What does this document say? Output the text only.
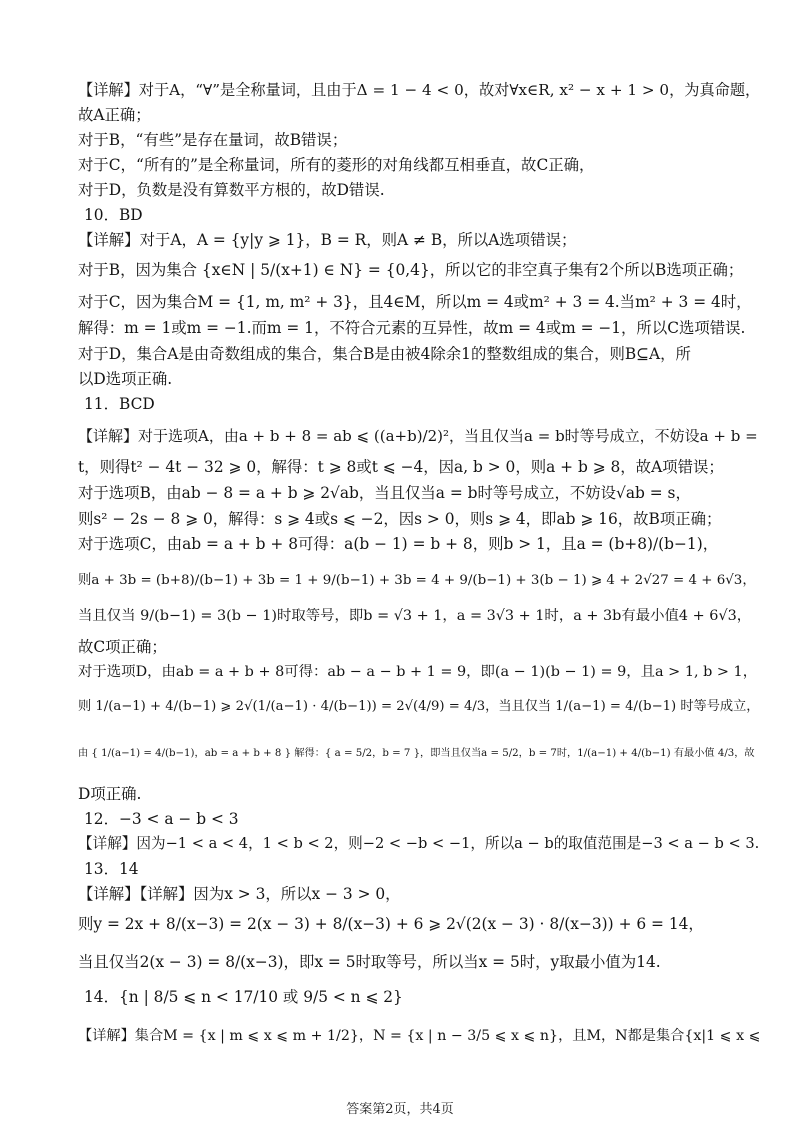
【详解】对于A，“∀”是全称量词，且由于Δ = 1 − 4 < 0，故对∀x∈R, x² − x + 1 > 0，为真命题，
故A正确；
对于B，“有些”是存在量词，故B错误；
对于C，“所有的”是全称量词，所有的菱形的对角线都互相垂直，故C正确，
对于D，负数是没有算数平方根的，故D错误.
10．BD
【详解】对于A，A = {y|y ⩾ 1}，B = R，则A ≠ B，所以A选项错误；
对于B，因为集合 {x∈N | 5/(x+1) ∈ N} = {0,4}，所以它的非空真子集有2个所以B选项正确；
对于C，因为集合M = {1, m, m² + 3}，且4∈M，所以m = 4或m² + 3 = 4.当m² + 3 = 4时，
解得：m = 1或m = −1.而m = 1，不符合元素的互异性，故m = 4或m = −1，所以C选项错误.
对于D，集合A是由奇数组成的集合，集合B是由被4除余1的整数组成的集合，则B⊆A，所
以D选项正确.
11．BCD
【详解】对于选项A，由a + b + 8 = ab ⩽ ((a+b)/2)²，当且仅当a = b时等号成立，不妨设a + b =
t，则得t² − 4t − 32 ⩾ 0，解得：t ⩾ 8或t ⩽ −4，因a, b > 0，则a + b ⩾ 8，故A项错误；
对于选项B，由ab − 8 = a + b ⩾ 2√ab，当且仅当a = b时等号成立，不妨设√ab = s，
则s² − 2s − 8 ⩾ 0，解得：s ⩾ 4或s ⩽ −2，因s > 0，则s ⩾ 4，即ab ⩾ 16，故B项正确；
对于选项C，由ab = a + b + 8可得：a(b − 1) = b + 8，则b > 1，且a = (b+8)/(b−1)，
则a + 3b = (b+8)/(b−1) + 3b = 1 + 9/(b−1) + 3b = 4 + 9/(b−1) + 3(b − 1) ⩾ 4 + 2√27 = 4 + 6√3，
当且仅当 9/(b−1) = 3(b − 1)时取等号，即b = √3 + 1，a = 3√3 + 1时，a + 3b有最小值4 + 6√3，
故C项正确；
对于选项D，由ab = a + b + 8可得：ab − a − b + 1 = 9，即(a − 1)(b − 1) = 9，且a > 1, b > 1，
则 1/(a−1) + 4/(b−1) ⩾ 2√(1/(a−1) · 4/(b−1)) = 2√(4/9) = 4/3，当且仅当 1/(a−1) = 4/(b−1) 时等号成立，
由 { 1/(a−1) = 4/(b−1)，ab = a + b + 8 } 解得：{ a = 5/2，b = 7 }，即当且仅当a = 5/2，b = 7时，1/(a−1) + 4/(b−1) 有最小值 4/3，故
D项正确.
12．−3 < a − b < 3
【详解】因为−1 < a < 4，1 < b < 2，则−2 < −b < −1，所以a − b的取值范围是−3 < a − b < 3.
13．14
【详解】【详解】因为x > 3，所以x − 3 > 0，
则y = 2x + 8/(x−3) = 2(x − 3) + 8/(x−3) + 6 ⩾ 2√(2(x − 3) · 8/(x−3)) + 6 = 14，
当且仅当2(x − 3) = 8/(x−3)，即x = 5时取等号，所以当x = 5时，y取最小值为14.
14．{n | 8/5 ⩽ n < 17/10 或 9/5 < n ⩽ 2}
【详解】集合M = {x | m ⩽ x ⩽ m + 1/2}，N = {x | n − 3/5 ⩽ x ⩽ n}，且M，N都是集合{x|1 ⩽ x ⩽
答案第2页，共4页
